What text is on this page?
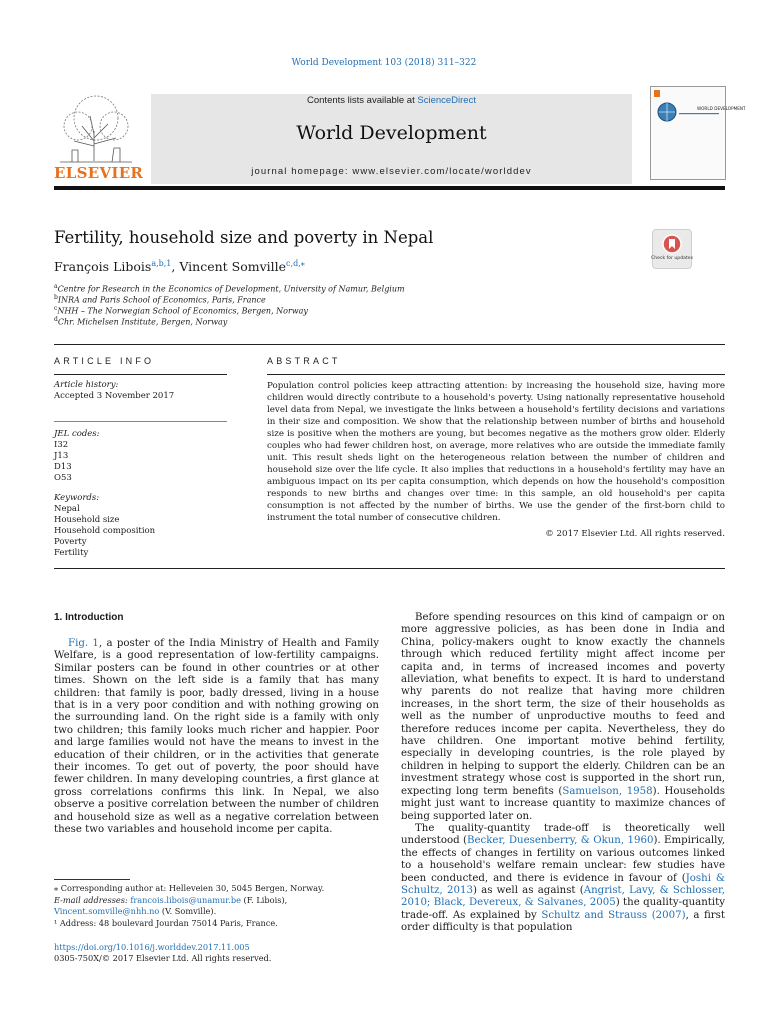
World Development 103 (2018) 311–322
ELSEVIER
Contents lists available at ScienceDirect
World Development
journal homepage: www.elsevier.com/locate/worlddev
WORLD DEVELOPMENT
Fertility, household size and poverty in Nepal
Check for updates
François Libois$^{a,b,1}$, Vincent Somville$^{c,d,⁎}$
$^a$Centre for Research in the Economics of Development, University of Namur, Belgium
$^b$INRA and Paris School of Economics, Paris, France
$^c$NHH – The Norwegian School of Economics, Bergen, Norway
$^d$Chr. Michelsen Institute, Bergen, Norway
ARTICLE INFO
Article history:
Accepted 3 November 2017
JEL codes:
I32
J13
D13
O53
Keywords:
Nepal
Household size
Household composition
Poverty
Fertility
ABSTRACT
Population control policies keep attracting attention: by increasing the household size, having more children would directly contribute to a household's poverty. Using nationally representative household level data from Nepal, we investigate the links between a household's fertility decisions and variations in their size and composition. We show that the relationship between number of births and household size is positive when the mothers are young, but becomes negative as the mothers grow older. Elderly couples who had fewer children host, on average, more relatives who are outside the immediate family unit. This result sheds light on the heterogeneous relation between the number of children and household size over the life cycle. It also implies that reductions in a household's fertility may have an ambiguous impact on its per capita consumption, which depends on how the household's composition responds to new births and changes over time: in this sample, an old household's per capita consumption is not affected by the number of births. We use the gender of the first-born child to instrument the total number of consecutive children.
© 2017 Elsevier Ltd. All rights reserved.
1. Introduction

Fig. 1, a poster of the India Ministry of Health and Family Welfare, is a good representation of low-fertility campaigns. Similar posters can be found in other countries or at other times. Shown on the left side is a family that has many children: that family is poor, badly dressed, living in a house that is in a very poor condition and with nothing growing on the surrounding land. On the right side is a family with only two children; this family looks much richer and happier. Poor and large families would not have the means to invest in the education of their children, or in the activities that generate their incomes. To get out of poverty, the poor should have fewer children. In many developing countries, a first glance at gross correlations confirms this link. In Nepal, we also observe a positive correlation between the number of children and household size as well as a negative correlation between these two variables and household income per capita.

Before spending resources on this kind of campaign or on more aggressive policies, as has been done in India and China, policy-makers ought to know exactly the channels through which reduced fertility might affect income per capita and, in terms of increased incomes and poverty alleviation, what benefits to expect. It is hard to understand why parents do not realize that having more children increases, in the short term, the size of their households as well as the number of unproductive mouths to feed and therefore reduces income per capita. Nevertheless, they do have children. One important motive behind fertility, especially in developing countries, is the role played by children in helping to support the elderly. Children can be an investment strategy whose cost is supported in the short run, expecting long term benefits (Samuelson, 1958). Households might just want to increase quantity to maximize chances of being supported later on.

The quality-quantity trade-off is theoretically well understood (Becker, Duesenberry, & Okun, 1960). Empirically, the effects of changes in fertility on various outcomes linked to a household's welfare remain unclear: few studies have been conducted, and there is evidence in favour of (Joshi & Schultz, 2013) as well as against (Angrist, Lavy, & Schlosser, 2010; Black, Devereux, & Salvanes, 2005) the quality-quantity trade-off. As explained by Schultz and Strauss (2007), a first order difficulty is that population

⁎ Corresponding author at: Helleveien 30, 5045 Bergen, Norway.
E-mail addresses: francois.libois@unamur.be (F. Libois), Vincent.somville@nhh.no (V. Somville).
¹ Address: 48 boulevard Jourdan 75014 Paris, France.
https://doi.org/10.1016/j.worlddev.2017.11.005
0305-750X/© 2017 Elsevier Ltd. All rights reserved.
